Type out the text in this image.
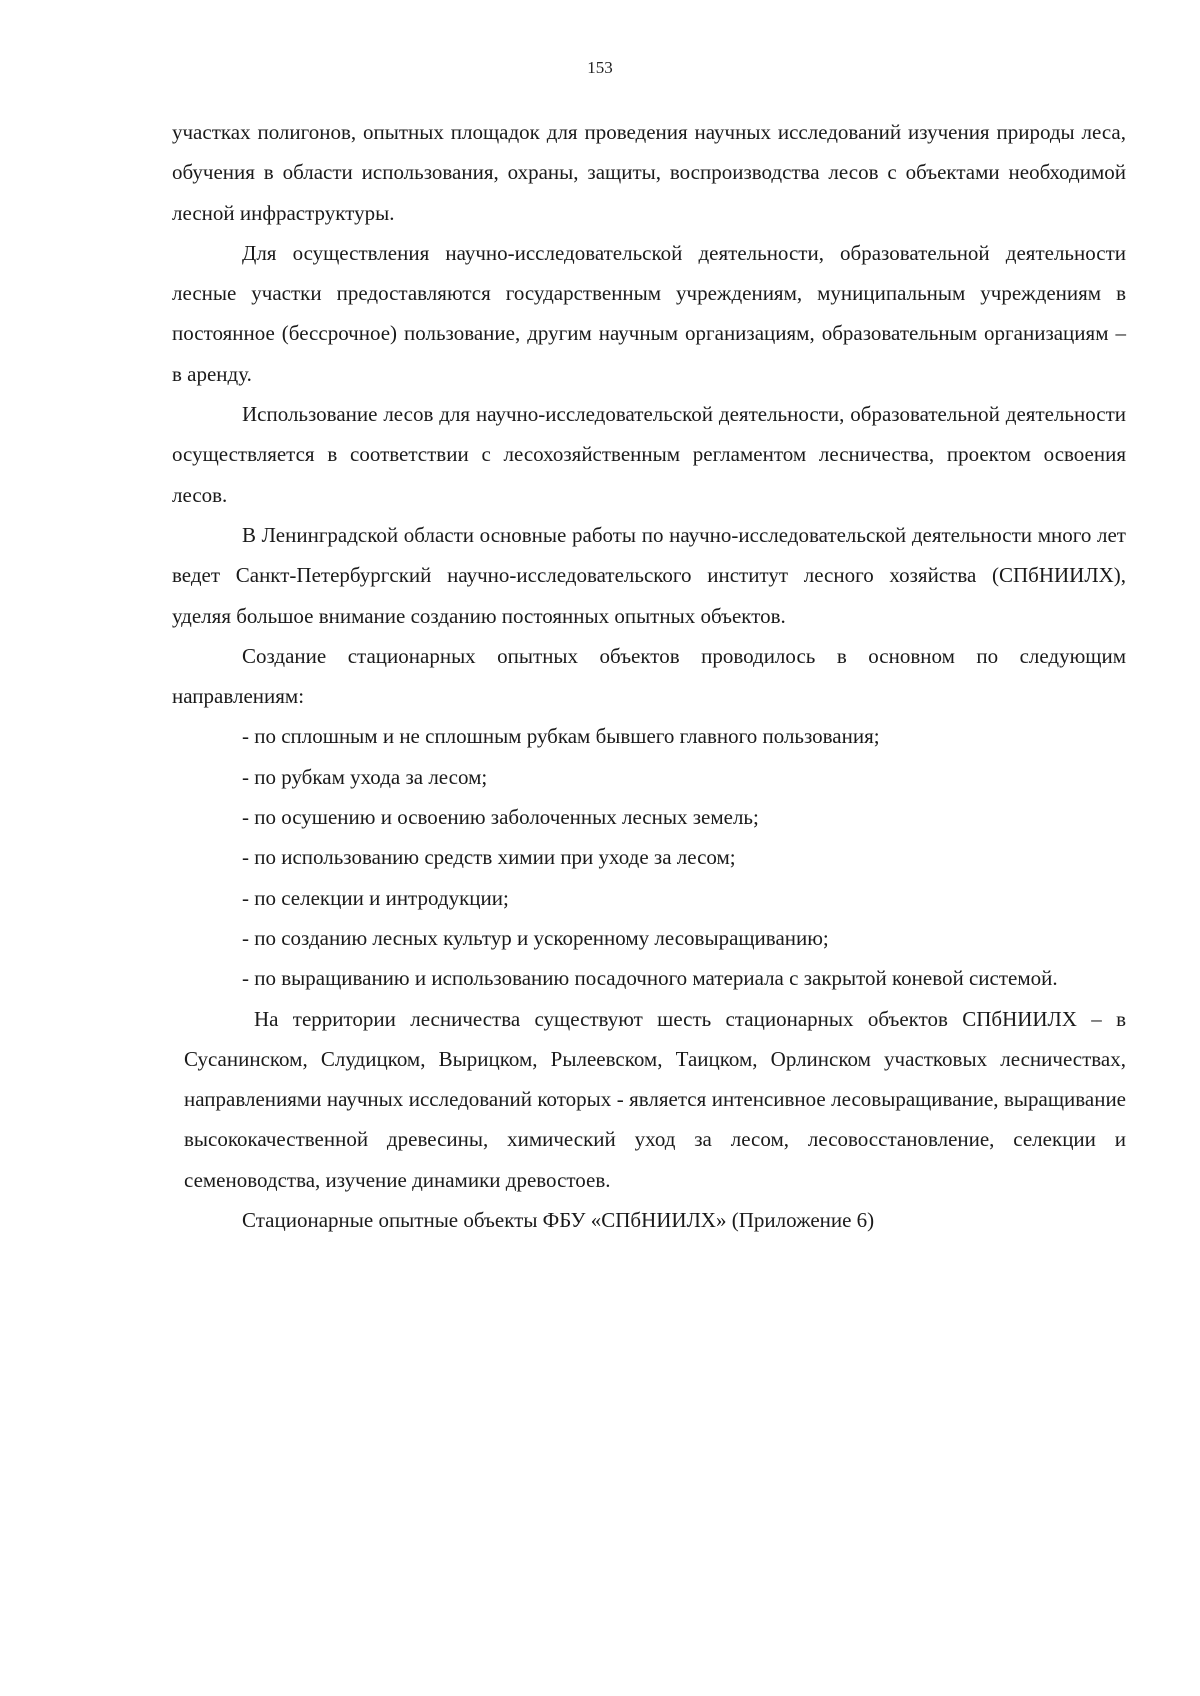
153

участках полигонов, опытных площадок для проведения научных исследований изучения природы леса, обучения в области использования, охраны, защиты, воспроизводства лесов с объектами необходимой лесной инфраструктуры.

Для осуществления научно-исследовательской деятельности, образовательной деятельности лесные участки предоставляются государственным учреждениям, муниципальным учреждениям в постоянное (бессрочное) пользование, другим научным организациям, образовательным организациям – в аренду.

Использование лесов для научно-исследовательской деятельности, образовательной деятельности осуществляется в соответствии с лесохозяйственным регламентом лесничества, проектом освоения лесов.

В Ленинградской области основные работы по научно-исследовательской деятельности много лет ведет Санкт-Петербургский научно-исследовательского институт лесного хозяйства (СПбНИИЛХ), уделяя большое внимание созданию постоянных опытных объектов.

Создание стационарных опытных объектов проводилось в основном по следующим направлениям:

- по сплошным и не сплошным рубкам бывшего главного пользования;
- по рубкам ухода за лесом;
- по осушению и освоению заболоченных лесных земель;
- по использованию средств химии при уходе за лесом;
- по селекции и интродукции;
- по созданию лесных культур и ускоренному лесовыращиванию;
- по выращиванию и использованию посадочного материала с закрытой коневой системой.

На территории лесничества существуют шесть стационарных объектов СПбНИИЛХ – в Сусанинском, Слудицком, Вырицком, Рылеевском, Таицком, Орлинском участковых лесничествах, направлениями научных исследований которых - является интенсивное лесовыращивание, выращивание высококачественной древесины, химический уход за лесом, лесовосстановление, селекции и семеноводства, изучение динамики древостоев.

Стационарные опытные объекты ФБУ «СПбНИИЛХ» (Приложение 6)
